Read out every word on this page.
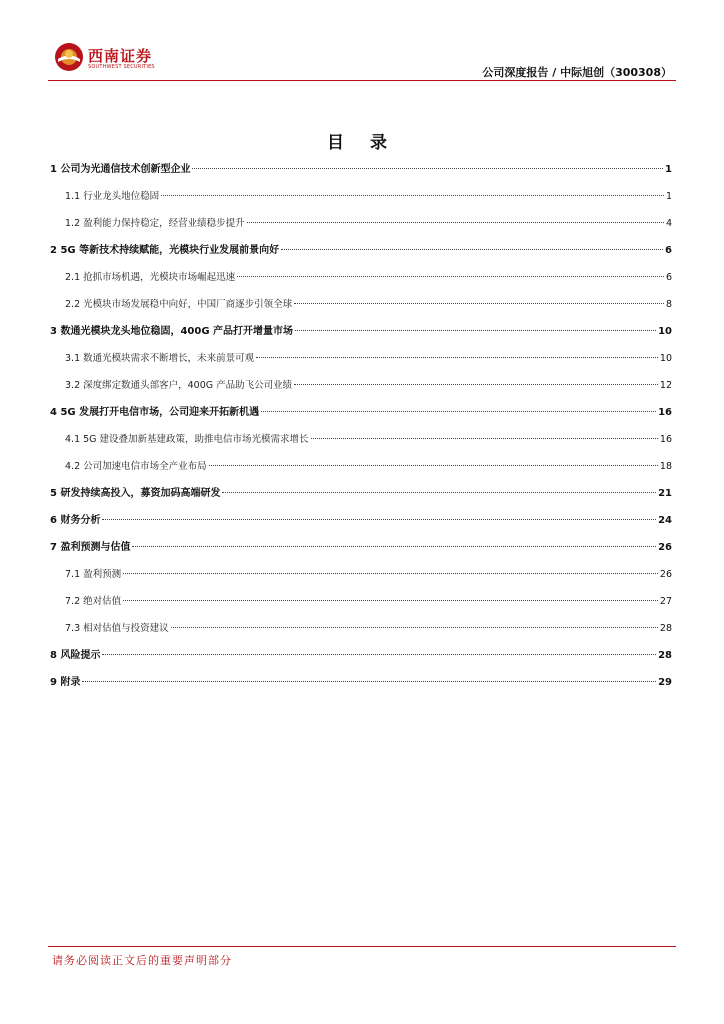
西南证券
SOUTHWEST SECURITIES	公司深度报告 / 中际旭创（300308）
目 录
1 公司为光通信技术创新型企业	1
1.1 行业龙头地位稳固	1
1.2 盈利能力保持稳定，经营业绩稳步提升	4
2 5G 等新技术持续赋能，光模块行业发展前景向好	6
2.1 抢抓市场机遇，光模块市场崛起迅速	6
2.2 光模块市场发展稳中向好，中国厂商逐步引领全球	8
3 数通光模块龙头地位稳固，400G 产品打开增量市场	10
3.1 数通光模块需求不断增长，未来前景可观	10
3.2 深度绑定数通头部客户，400G 产品助飞公司业绩	12
4 5G 发展打开电信市场，公司迎来开拓新机遇	16
4.1 5G 建设叠加新基建政策，助推电信市场光模需求增长	16
4.2 公司加速电信市场全产业布局	18
5 研发持续高投入，募资加码高端研发	21
6 财务分析	24
7 盈利预测与估值	26
7.1 盈利预测	26
7.2 绝对估值	27
7.3 相对估值与投资建议	28
8 风险提示	28
9 附录	29
请务必阅读正文后的重要声明部分
